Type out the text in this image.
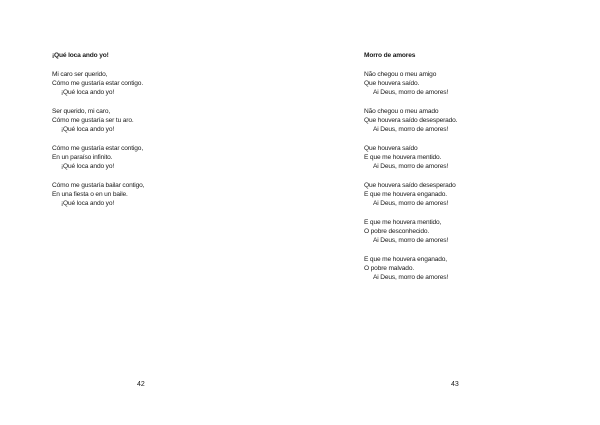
¡Qué loca ando yo!
Mi caro ser querido,
Cómo me gustaría estar contigo.
¡Qué loca ando yo!
Ser querido, mi caro,
Cómo me gustaría ser tu aro.
¡Qué loca ando yo!
Cómo me gustaría estar contigo,
En un paraíso infinito.
¡Qué loca ando yo!
Cómo me gustaría bailar contigo,
En una fiesta o en un baile.
¡Qué loca ando yo!
42
Morro de amores
Não chegou o meu amigo
Que houvera saído.
Ai Deus, morro de amores!
Não chegou o meu amado
Que houvera saído desesperado.
Ai Deus, morro de amores!
Que houvera saído
E que me houvera mentido.
Ai Deus, morro de amores!
Que houvera saído desesperado
E que me houvera enganado.
Ai Deus, morro de amores!
E que me houvera mentido,
O pobre desconhecido.
Ai Deus, morro de amores!
E que me houvera enganado,
O pobre malvado.
Ai Deus, morro de amores!
43
